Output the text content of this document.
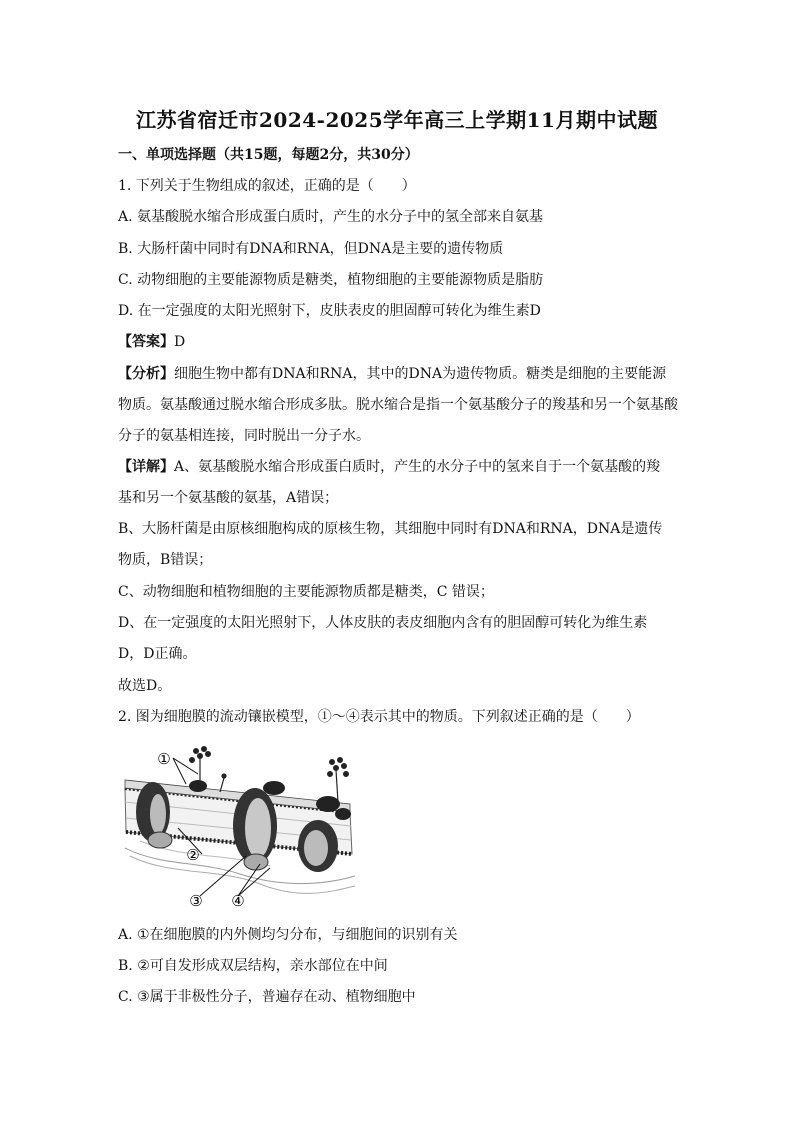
江苏省宿迁市2024-2025学年高三上学期11月期中试题
一、单项选择题（共15题，每题2分，共30分）
1. 下列关于生物组成的叙述，正确的是（　　）
A. 氨基酸脱水缩合形成蛋白质时，产生的水分子中的氢全部来自氨基
B. 大肠杆菌中同时有DNA和RNA，但DNA是主要的遗传物质
C. 动物细胞的主要能源物质是糖类，植物细胞的主要能源物质是脂肪
D. 在一定强度的太阳光照射下，皮肤表皮的胆固醇可转化为维生素D
【答案】D
【分析】细胞生物中都有DNA和RNA，其中的DNA为遗传物质。糖类是细胞的主要能源
物质。氨基酸通过脱水缩合形成多肽。脱水缩合是指一个氨基酸分子的羧基和另一个氨基酸
分子的氨基相连接，同时脱出一分子水。
【详解】A、氨基酸脱水缩合形成蛋白质时，产生的水分子中的氢来自于一个氨基酸的羧
基和另一个氨基酸的氨基，A错误；
B、大肠杆菌是由原核细胞构成的原核生物，其细胞中同时有DNA和RNA，DNA是遗传
物质，B错误；
C、动物细胞和植物细胞的主要能源物质都是糖类，C 错误；
D、在一定强度的太阳光照射下，人体皮肤的表皮细胞内含有的胆固醇可转化为维生素
D，D正确。
故选D。
2. 图为细胞膜的流动镶嵌模型，①～④表示其中的物质。下列叙述正确的是（　　）
①
②
③ ④
A. ①在细胞膜的内外侧均匀分布，与细胞间的识别有关
B. ②可自发形成双层结构，亲水部位在中间
C. ③属于非极性分子，普遍存在动、植物细胞中
